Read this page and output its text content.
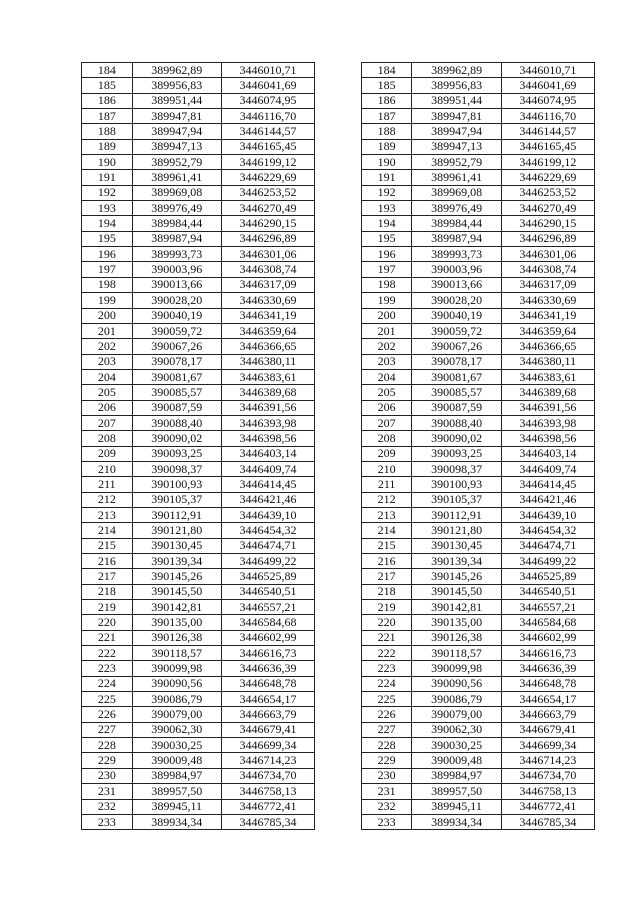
184	389962,89	3446010,71		184	389962,89	3446010,71
185	389956,83	3446041,69		185	389956,83	3446041,69
186	389951,44	3446074,95		186	389951,44	3446074,95
187	389947,81	3446116,70		187	389947,81	3446116,70
188	389947,94	3446144,57		188	389947,94	3446144,57
189	389947,13	3446165,45		189	389947,13	3446165,45
190	389952,79	3446199,12		190	389952,79	3446199,12
191	389961,41	3446229,69		191	389961,41	3446229,69
192	389969,08	3446253,52		192	389969,08	3446253,52
193	389976,49	3446270,49		193	389976,49	3446270,49
194	389984,44	3446290,15		194	389984,44	3446290,15
195	389987,94	3446296,89		195	389987,94	3446296,89
196	389993,73	3446301,06		196	389993,73	3446301,06
197	390003,96	3446308,74		197	390003,96	3446308,74
198	390013,66	3446317,09		198	390013,66	3446317,09
199	390028,20	3446330,69		199	390028,20	3446330,69
200	390040,19	3446341,19		200	390040,19	3446341,19
201	390059,72	3446359,64		201	390059,72	3446359,64
202	390067,26	3446366,65		202	390067,26	3446366,65
203	390078,17	3446380,11		203	390078,17	3446380,11
204	390081,67	3446383,61		204	390081,67	3446383,61
205	390085,57	3446389,68		205	390085,57	3446389,68
206	390087,59	3446391,56		206	390087,59	3446391,56
207	390088,40	3446393,98		207	390088,40	3446393,98
208	390090,02	3446398,56		208	390090,02	3446398,56
209	390093,25	3446403,14		209	390093,25	3446403,14
210	390098,37	3446409,74		210	390098,37	3446409,74
211	390100,93	3446414,45		211	390100,93	3446414,45
212	390105,37	3446421,46		212	390105,37	3446421,46
213	390112,91	3446439,10		213	390112,91	3446439,10
214	390121,80	3446454,32		214	390121,80	3446454,32
215	390130,45	3446474,71		215	390130,45	3446474,71
216	390139,34	3446499,22		216	390139,34	3446499,22
217	390145,26	3446525,89		217	390145,26	3446525,89
218	390145,50	3446540,51		218	390145,50	3446540,51
219	390142,81	3446557,21		219	390142,81	3446557,21
220	390135,00	3446584,68		220	390135,00	3446584,68
221	390126,38	3446602,99		221	390126,38	3446602,99
222	390118,57	3446616,73		222	390118,57	3446616,73
223	390099,98	3446636,39		223	390099,98	3446636,39
224	390090,56	3446648,78		224	390090,56	3446648,78
225	390086,79	3446654,17		225	390086,79	3446654,17
226	390079,00	3446663,79		226	390079,00	3446663,79
227	390062,30	3446679,41		227	390062,30	3446679,41
228	390030,25	3446699,34		228	390030,25	3446699,34
229	390009,48	3446714,23		229	390009,48	3446714,23
230	389984,97	3446734,70		230	389984,97	3446734,70
231	389957,50	3446758,13		231	389957,50	3446758,13
232	389945,11	3446772,41		232	389945,11	3446772,41
233	389934,34	3446785,34		233	389934,34	3446785,34
